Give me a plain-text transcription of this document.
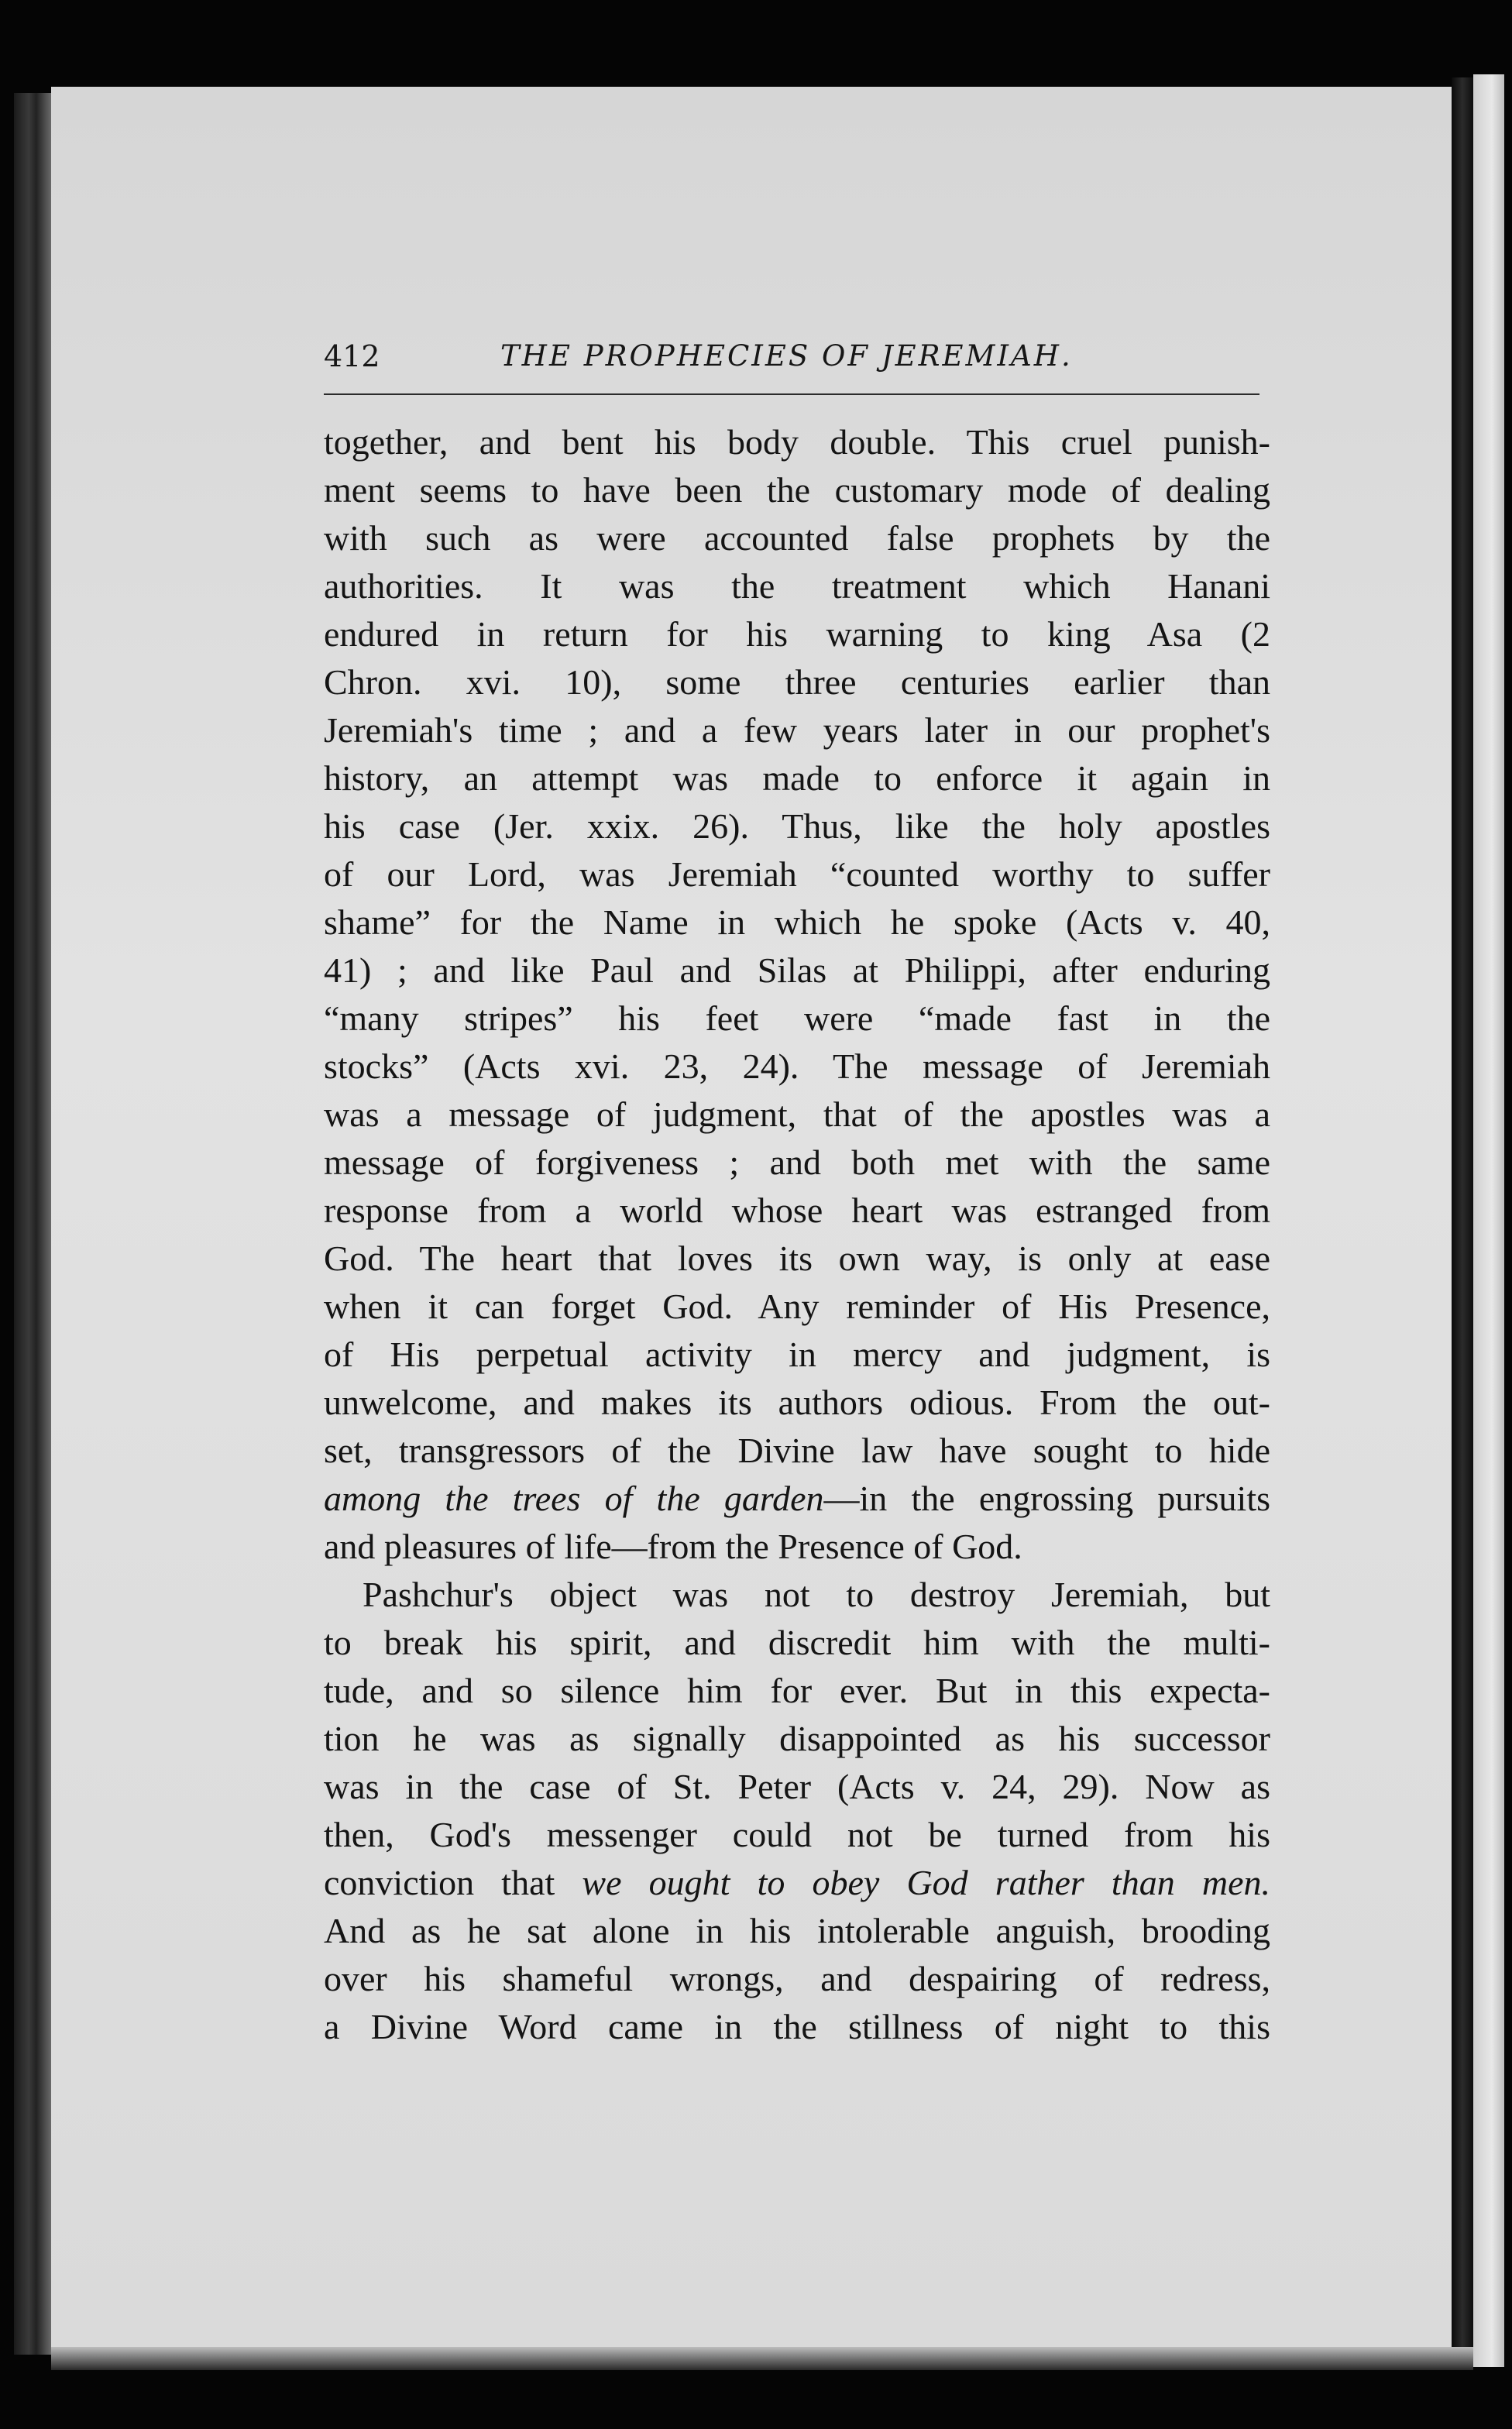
412	THE PROPHECIES OF JEREMIAH.
together, and bent his body double. This cruel punish-
ment seems to have been the customary mode of dealing
with such as were accounted false prophets by the
authorities. It was the treatment which Hanani
endured in return for his warning to king Asa (2
Chron. xvi. 10), some three centuries earlier than
Jeremiah's time ; and a few years later in our prophet's
history, an attempt was made to enforce it again in
his case (Jer. xxix. 26). Thus, like the holy apostles
of our Lord, was Jeremiah “counted worthy to suffer
shame” for the Name in which he spoke (Acts v. 40,
41) ; and like Paul and Silas at Philippi, after enduring
“many stripes” his feet were “made fast in the
stocks” (Acts xvi. 23, 24). The message of Jeremiah
was a message of judgment, that of the apostles was a
message of forgiveness ; and both met with the same
response from a world whose heart was estranged from
God. The heart that loves its own way, is only at ease
when it can forget God. Any reminder of His Presence,
of His perpetual activity in mercy and judgment, is
unwelcome, and makes its authors odious. From the out-
set, transgressors of the Divine law have sought to hide
among the trees of the garden—in the engrossing pursuits
and pleasures of life—from the Presence of God.
Pashchur's object was not to destroy Jeremiah, but
to break his spirit, and discredit him with the multi-
tude, and so silence him for ever. But in this expecta-
tion he was as signally disappointed as his successor
was in the case of St. Peter (Acts v. 24, 29). Now as
then, God's messenger could not be turned from his
conviction that we ought to obey God rather than men.
And as he sat alone in his intolerable anguish, brooding
over his shameful wrongs, and despairing of redress,
a Divine Word came in the stillness of night to this
